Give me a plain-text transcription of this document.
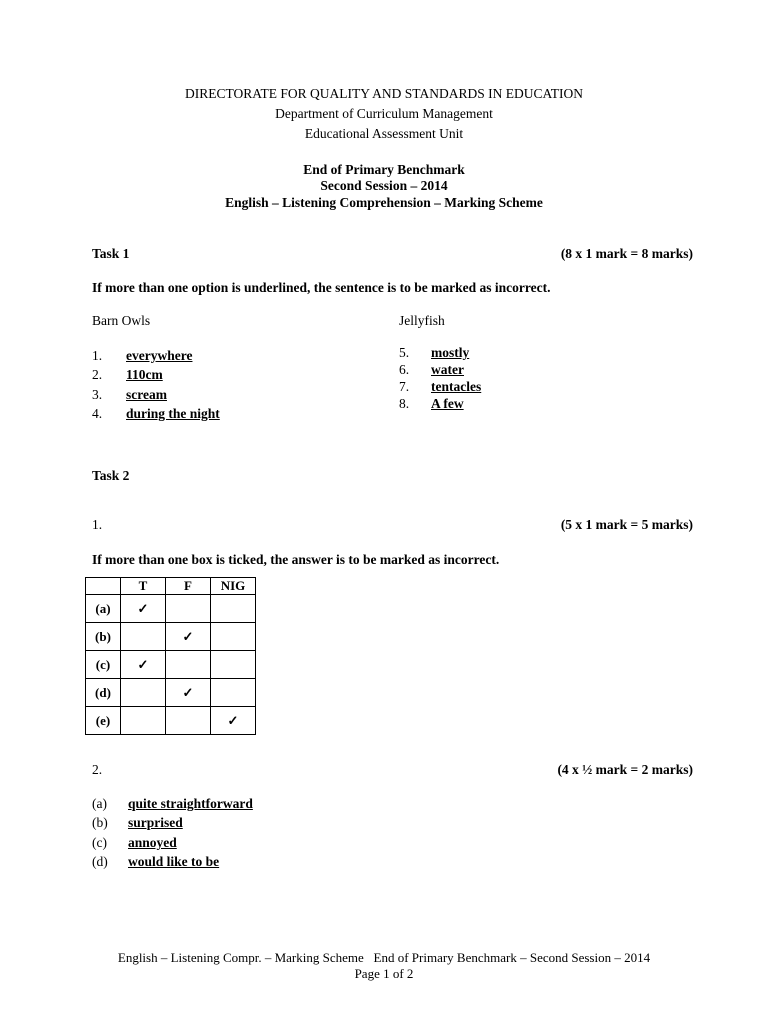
DIRECTORATE FOR QUALITY AND STANDARDS IN EDUCATION
Department of Curriculum Management
Educational Assessment Unit
End of Primary Benchmark
Second Session – 2014
English – Listening Comprehension – Marking Scheme
Task 1	(8 x 1 mark = 8 marks)
If more than one option is underlined, the sentence is to be marked as incorrect.
Barn Owls	Jellyfish
1. everywhere
2. 110cm
3. scream
4. during the night
5. mostly
6. water
7. tentacles
8. A few
Task 2
1.	(5 x 1 mark = 5 marks)
If more than one box is ticked, the answer is to be marked as incorrect.
	T	F	NIG
(a)	✓		
(b)		✓	
(c)	✓		
(d)		✓	
(e)			✓
2.	(4 x ½ mark = 2 marks)
(a) quite straightforward
(b) surprised
(c) annoyed
(d) would like to be
English – Listening Compr. – Marking Scheme   End of Primary Benchmark – Second Session – 2014
Page 1 of 2
